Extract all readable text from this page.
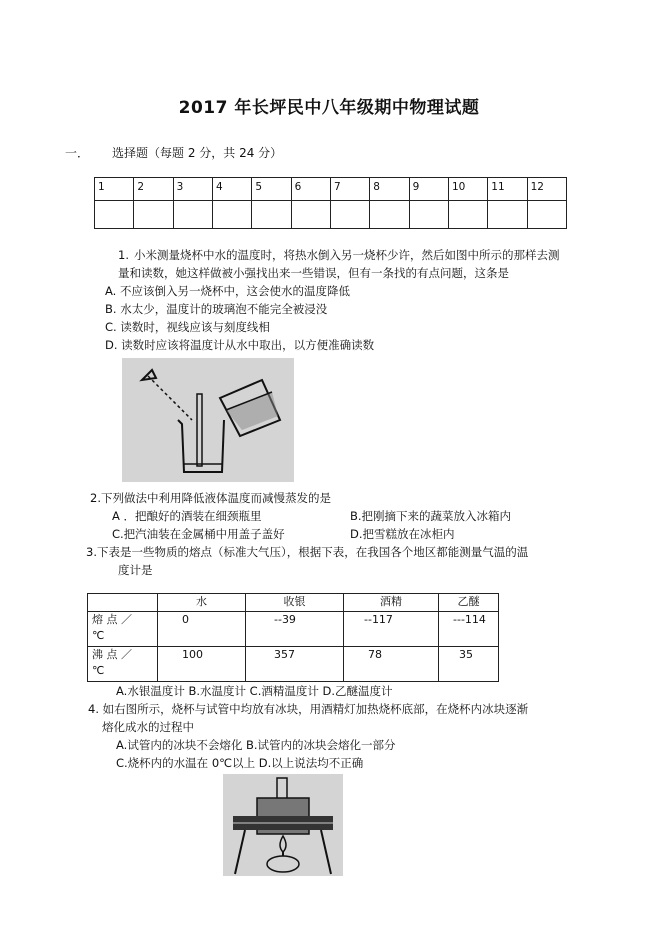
2017 年长坪民中八年级期中物理试题
一． 选择题（每题 2 分，共 24 分）
1	2	3	4	5	6	7	8	9	10	11	12

1. 小米测量烧杯中水的温度时，将热水倒入另一烧杯少许，然后如图中所示的那样去测
量和读数，她这样做被小强找出来一些错误，但有一条找的有点问题，这条是
A. 不应该倒入另一烧杯中，这会使水的温度降低
B. 水太少，温度计的玻璃泡不能完全被浸没
C. 读数时，视线应该与刻度线相
D. 读数时应该将温度计从水中取出，以方便准确读数
2.下列做法中利用降低液体温度而减慢蒸发的是
A ．把酿好的酒装在细颈瓶里	B.把刚摘下来的蔬菜放入冰箱内
C.把汽油装在金属桶中用盖子盖好	D.把雪糕放在冰柜内
3.下表是一些物质的熔点（标准大气压），根据下表，在我国各个地区都能测量气温的温
度计是
	水	收银	酒精	乙醚

熔 点 ／
℃	0	--39	--117	---114

沸 点 ／
℃	100	357	78	35
A.水银温度计 B.水温度计 C.酒精温度计 D.乙醚温度计
4. 如右图所示，烧杯与试管中均放有冰块，用酒精灯加热烧杯底部，在烧杯内冰块逐渐
熔化成水的过程中
A.试管内的冰块不会熔化 B.试管内的冰块会熔化一部分
C.烧杯内的水温在 0℃以上 D.以上说法均不正确
